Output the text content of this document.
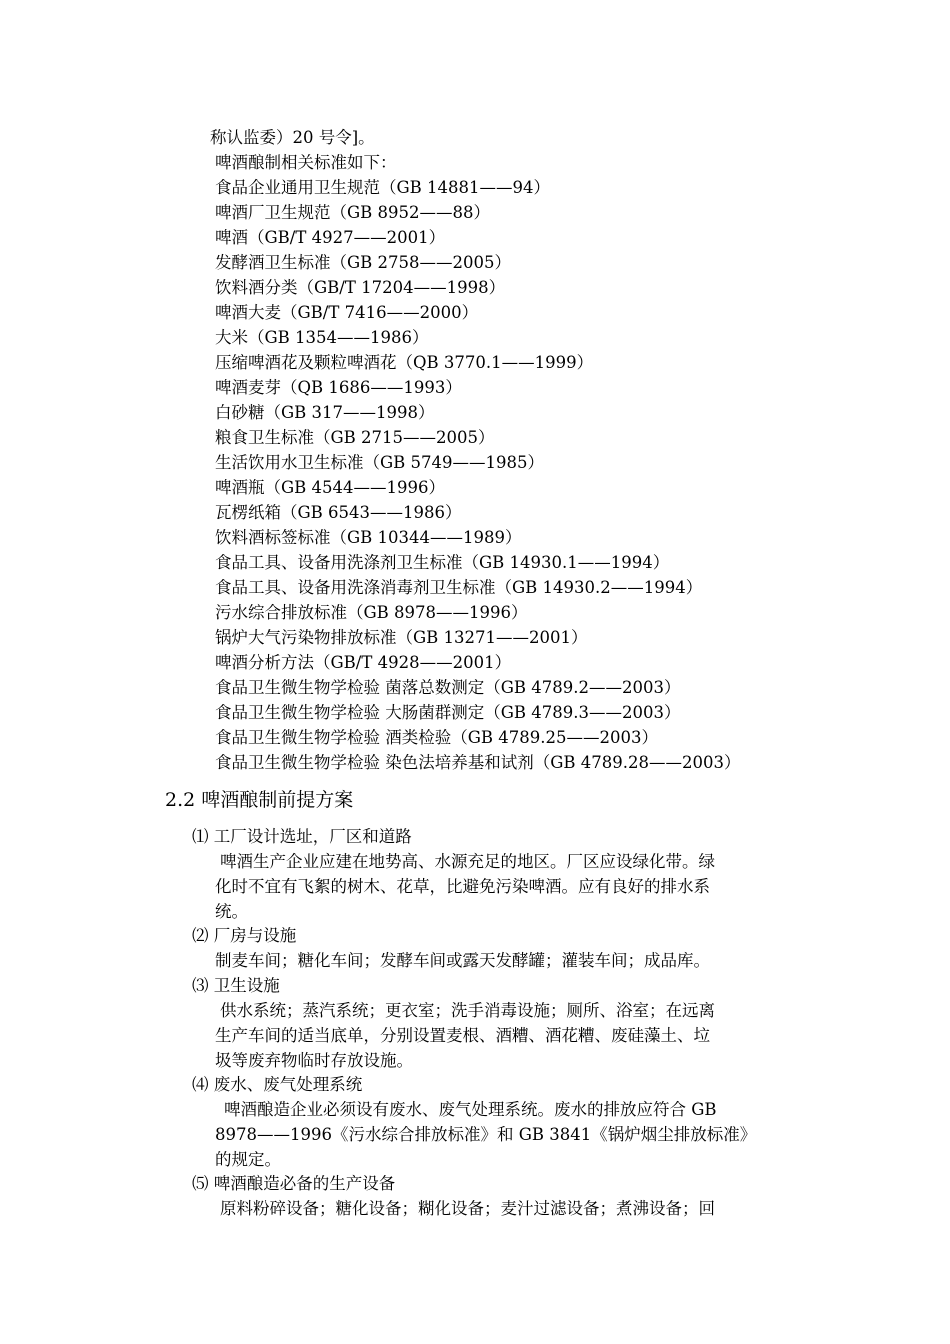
称认监委）20 号令]。
啤酒酿制相关标准如下：
食品企业通用卫生规范（GB 14881——94）
啤酒厂卫生规范（GB 8952——88）
啤酒（GB/T 4927——2001）
发酵酒卫生标准（GB 2758——2005）
饮料酒分类（GB/T 17204——1998）
啤酒大麦（GB/T 7416——2000）
大米（GB 1354——1986）
压缩啤酒花及颗粒啤酒花（QB 3770.1——1999）
啤酒麦芽（QB 1686——1993）
白砂糖（GB 317——1998）
粮食卫生标准（GB 2715——2005）
生活饮用水卫生标准（GB 5749——1985）
啤酒瓶（GB 4544——1996）
瓦楞纸箱（GB 6543——1986）
饮料酒标签标准（GB 10344——1989）
食品工具、设备用洗涤剂卫生标准（GB 14930.1——1994）
食品工具、设备用洗涤消毒剂卫生标准（GB 14930.2——1994）
污水综合排放标准（GB 8978——1996）
锅炉大气污染物排放标准（GB 13271——2001）
啤酒分析方法（GB/T 4928——2001）
食品卫生微生物学检验 菌落总数测定（GB 4789.2——2003）
食品卫生微生物学检验 大肠菌群测定（GB 4789.3——2003）
食品卫生微生物学检验 酒类检验（GB 4789.25——2003）
食品卫生微生物学检验 染色法培养基和试剂（GB 4789.28——2003）
2.2 啤酒酿制前提方案
⑴ 工厂设计选址，厂区和道路
啤酒生产企业应建在地势高、水源充足的地区。厂区应设绿化带。绿
化时不宜有飞絮的树木、花草，比避免污染啤酒。应有良好的排水系
统。
⑵ 厂房与设施
制麦车间；糖化车间；发酵车间或露天发酵罐；灌装车间；成品库。
⑶ 卫生设施
供水系统；蒸汽系统；更衣室；洗手消毒设施；厕所、浴室；在远离
生产车间的适当底单，分别设置麦根、酒糟、酒花糟、废硅藻土、垃
圾等废弃物临时存放设施。
⑷ 废水、废气处理系统
啤酒酿造企业必须设有废水、废气处理系统。废水的排放应符合 GB
8978——1996《污水综合排放标准》和 GB 3841《锅炉烟尘排放标准》
的规定。
⑸ 啤酒酿造必备的生产设备
原料粉碎设备；糖化设备；糊化设备；麦汁过滤设备；煮沸设备；回
